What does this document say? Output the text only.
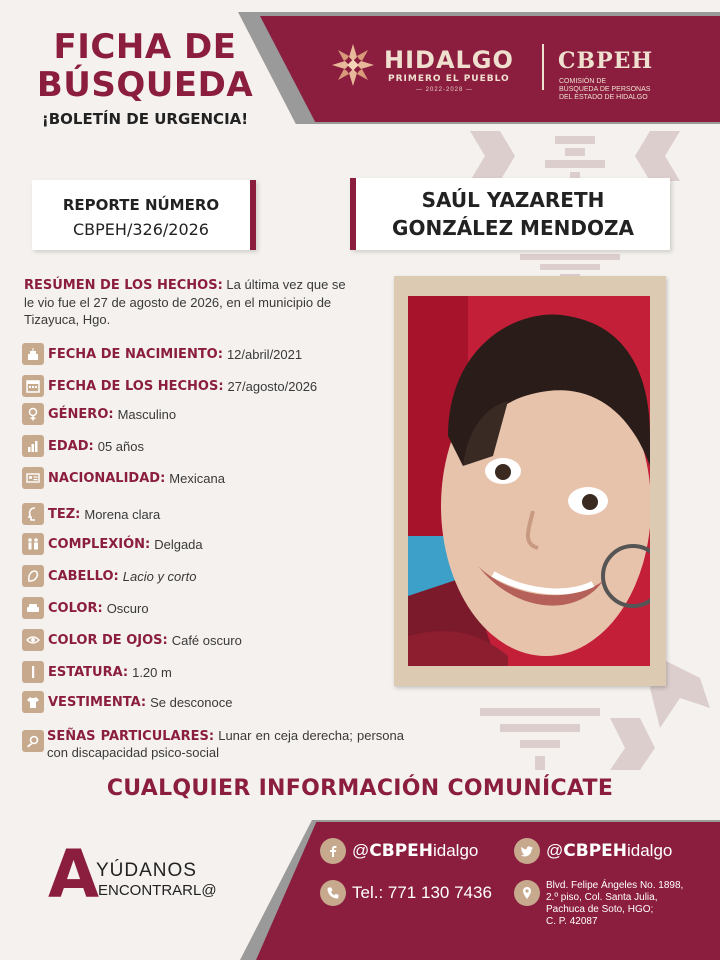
FICHA DE
BÚSQUEDA
¡BOLETÍN DE URGENCIA!
HIDALGO
PRIMERO EL PUEBLO
— 2022-2028 —
CBPEH
COMISIÓN DE
BÚSQUEDA DE PERSONAS
DEL ESTADO DE HIDALGO
REPORTE NÚMERO
CBPEH/326/2026
SAÚL YAZARETH
GONZÁLEZ MENDOZA
RESÚMEN DE LOS HECHOS: La última vez que se le vio fue el 27 de agosto de 2026, en el municipio de Tizayuca, Hgo.
FECHA DE NACIMIENTO: 12/abril/2021
FECHA DE LOS HECHOS: 27/agosto/2026
GÉNERO: Masculino
EDAD: 05 años
NACIONALIDAD: Mexicana
TEZ: Morena clara
COMPLEXIÓN: Delgada
CABELLO: Lacio y corto
COLOR: Oscuro
COLOR DE OJOS: Café oscuro
ESTATURA: 1.20 m
VESTIMENTA: Se desconoce
SEÑAS PARTICULARES: Lunar en ceja derecha; persona con discapacidad psico-social
CUALQUIER INFORMACIÓN COMUNÍCATE
A
YÚDANOS
ENCONTRARL@
@ CBPEH idalgo	@ CBPEH idalgo
Tel.: 771 130 7436	Blvd. Felipe Ángeles No. 1898,
2.º piso, Col. Santa Julia,
Pachuca de Soto, HGO;
C. P. 42087
